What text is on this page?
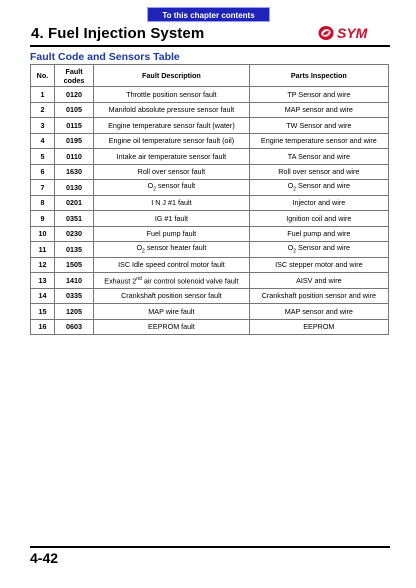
To this chapter contents
4. Fuel Injection System	SYM
Fault Code and Sensors Table
No.	Fault codes	Fault Description	Parts Inspection
1	0120	Throttle position sensor fault	TP Sensor and wire
2	0105	Manifold absolute pressure sensor fault	MAP sensor and wire
3	0115	Engine temperature sensor fault (water)	TW Sensor and wire
4	0195	Engine oil temperature sensor fault (oil)	Engine temperature sensor and wire
5	0110	Intake air temperature sensor fault	TA Sensor and wire
6	1630	Roll over sensor fault	Roll over sensor and wire
7	0130	$O_2$ sensor fault	$O_2$ Sensor and wire
8	0201	I N J #1 fault	Injector and wire
9	0351	IG #1 fault	Ignition coil and wire
10	0230	Fuel pump fault	Fuel pump and wire
11	0135	$O_2$ sensor heater fault	$O_2$ Sensor and wire
12	1505	ISC Idle speed control motor fault	ISC stepper motor and wire
13	1410	Exhaust 2nd air control solenoid valve fault	AISV and wire
14	0335	Crankshaft position sensor fault	Crankshaft position sensor and wire
15	1205	MAP wire fault	MAP sensor and wire
16	0603	EEPROM fault	EEPROM
4-42
